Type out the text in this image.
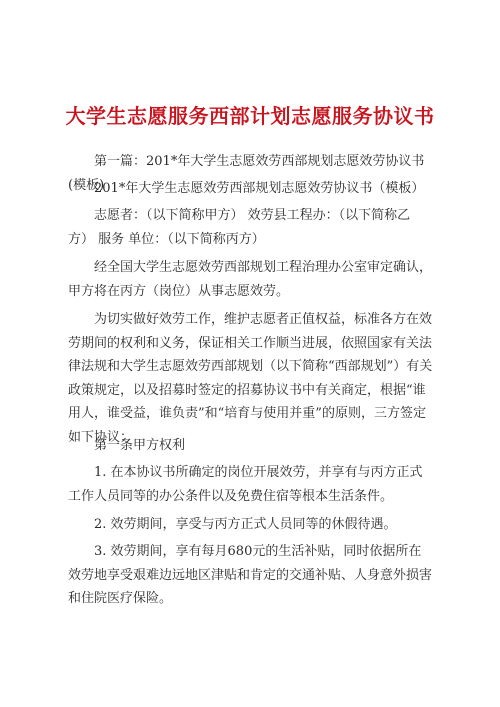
大学生志愿服务西部计划志愿服务协议书

第一篇：201*年大学生志愿效劳西部规划志愿效劳协议书(模板)

201*年大学生志愿效劳西部规划志愿效劳协议书（模板）

志愿者：（以下简称甲方） 效劳县工程办：（以下简称乙方） 服务 单位：（以下简称丙方）

经全国大学生志愿效劳西部规划工程治理办公室审定确认，甲方将在丙方（岗位）从事志愿效劳。

为切实做好效劳工作，维护志愿者正值权益，标准各方在效劳期间的权利和义务，保证相关工作顺当进展，依照国家有关法律法规和大学生志愿效劳西部规划（以下简称“西部规划”）有关政策规定，以及招募时签定的招募协议书中有关商定，根据“谁用人，谁受益，谁负责”和“培育与使用并重”的原则，三方签定如下协议：

第一条甲方权利

1. 在本协议书所确定的岗位开展效劳，并享有与丙方正式工作人员同等的办公条件以及免费住宿等根本生活条件。

2. 效劳期间，享受与丙方正式人员同等的休假待遇。

3. 效劳期间，享有每月680元的生活补贴，同时依据所在效劳地享受艰难边远地区津贴和肯定的交通补贴、人身意外损害和住院医疗保险。
